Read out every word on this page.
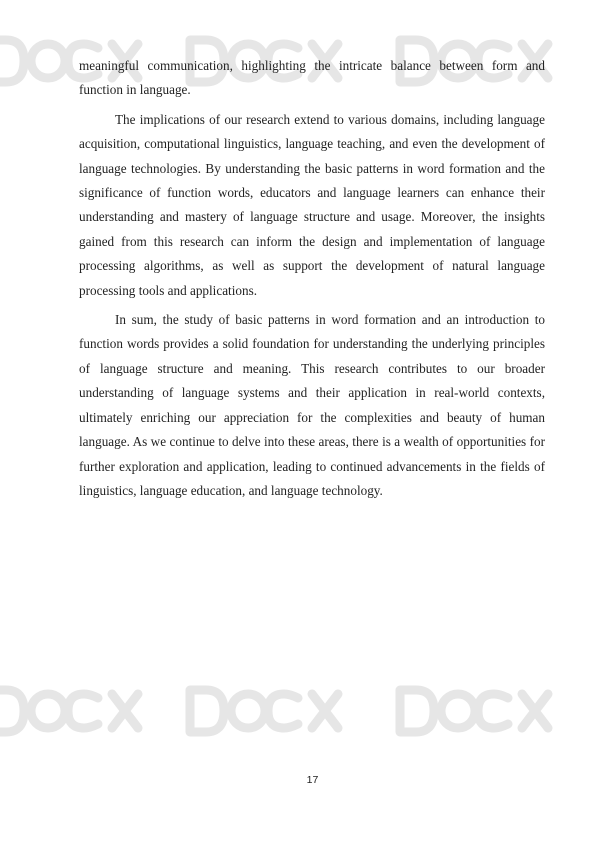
meaningful communication, highlighting the intricate balance between form and function in language.

The implications of our research extend to various domains, including language acquisition, computational linguistics, language teaching, and even the development of language technologies. By understanding the basic patterns in word formation and the significance of function words, educators and language learners can enhance their understanding and mastery of language structure and usage. Moreover, the insights gained from this research can inform the design and implementation of language processing algorithms, as well as support the development of natural language processing tools and applications.

In sum, the study of basic patterns in word formation and an introduction to function words provides a solid foundation for understanding the underlying principles of language structure and meaning. This research contributes to our broader understanding of language systems and their application in real-world contexts, ultimately enriching our appreciation for the complexities and beauty of human language. As we continue to delve into these areas, there is a wealth of opportunities for further exploration and application, leading to continued advancements in the fields of linguistics, language education, and language technology.

17
